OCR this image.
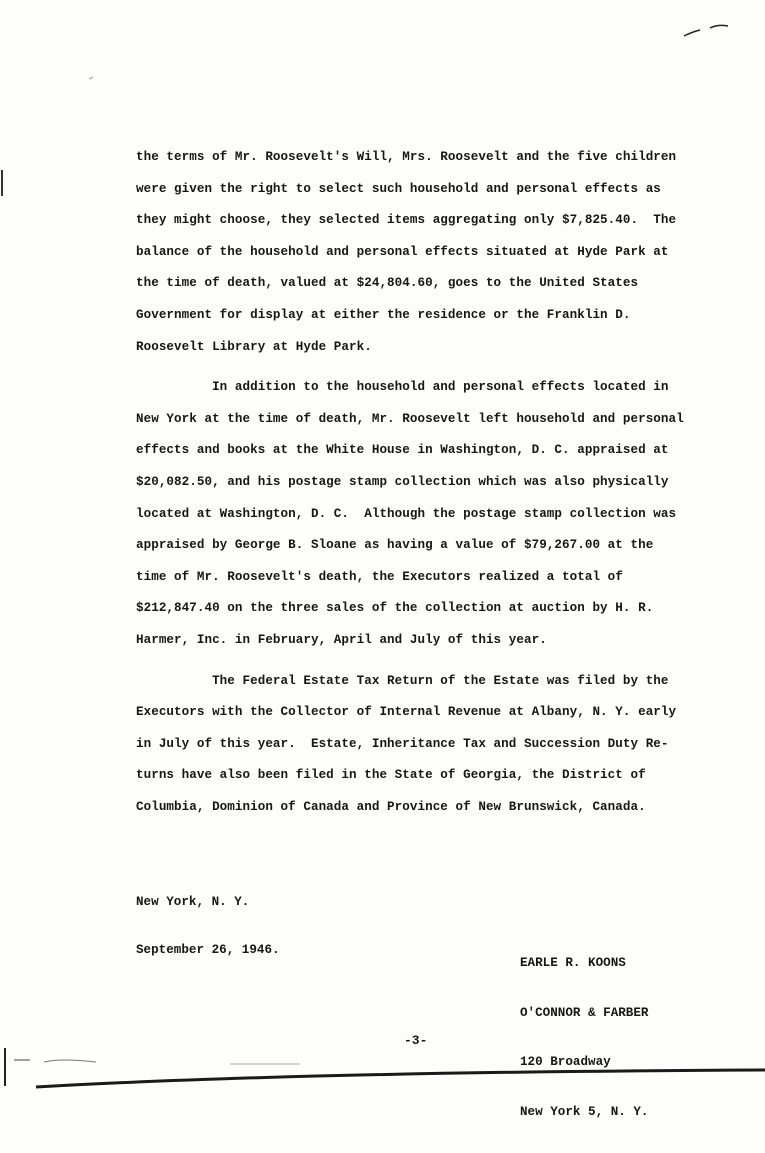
the terms of Mr. Roosevelt's Will, Mrs. Roosevelt and the five children
were given the right to select such household and personal effects as
they might choose, they selected items aggregating only $7,825.40.  The
balance of the household and personal effects situated at Hyde Park at
the time of death, valued at $24,804.60, goes to the United States
Government for display at either the residence or the Franklin D.
Roosevelt Library at Hyde Park.
In addition to the household and personal effects located in
New York at the time of death, Mr. Roosevelt left household and personal
effects and books at the White House in Washington, D. C. appraised at
$20,082.50, and his postage stamp collection which was also physically
located at Washington, D. C.  Although the postage stamp collection was
appraised by George B. Sloane as having a value of $79,267.00 at the
time of Mr. Roosevelt's death, the Executors realized a total of
$212,847.40 on the three sales of the collection at auction by H. R.
Harmer, Inc. in February, April and July of this year.
The Federal Estate Tax Return of the Estate was filed by the
Executors with the Collector of Internal Revenue at Albany, N. Y. early
in July of this year.  Estate, Inheritance Tax and Succession Duty Re-
turns have also been filed in the State of Georgia, the District of
Columbia, Dominion of Canada and Province of New Brunswick, Canada.

New York, N. Y.

September 26, 1946.

EARLE R. KOONS

O'CONNOR & FARBER

120 Broadway

New York 5, N. Y.

-3-
